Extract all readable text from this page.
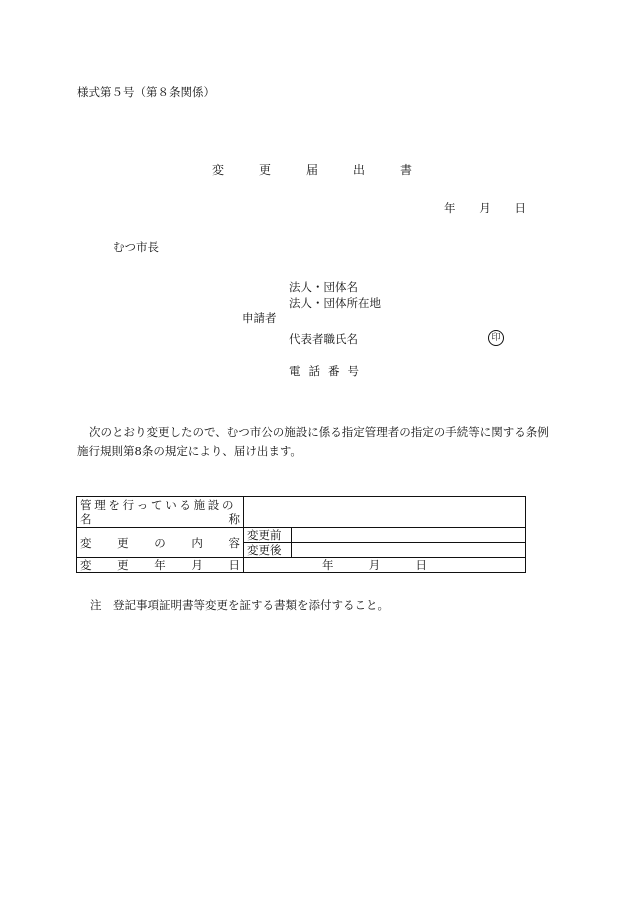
様式第５号（第８条関係）
変	更	届	出	書
年 月 日
むつ市長
法人・団体名
法人・団体所在地
申請者
代表者職氏名	印
電 話 番 号
次のとおり変更したので、むつ市公の施設に係る指定管理者の指定の手続等に関する条例施行規則第8条の規定により、届け出ます。
管理を行っている施設の
名 称		

変 更 の 内 容	変更前	
	変更後	

変 更 年 月 日	年 月 日	
注　登記事項証明書等変更を証する書類を添付すること。
